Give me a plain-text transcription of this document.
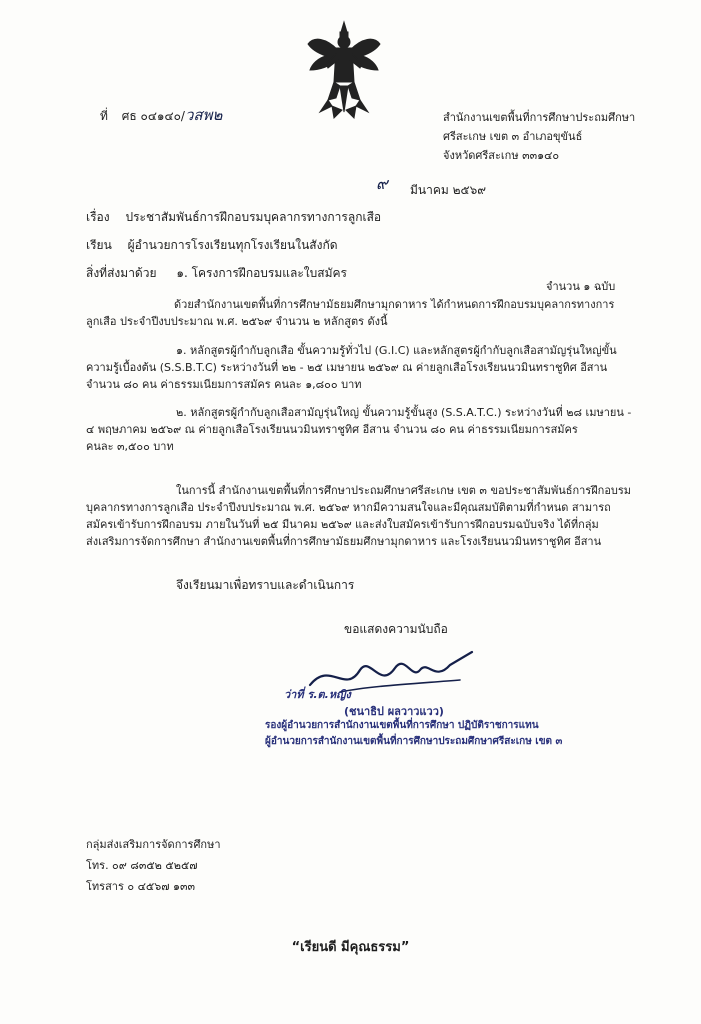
ที่ ศธ ๐๔๑๔๐/วสพ๒	สำนักงานเขตพื้นที่การศึกษาประถมศึกษา
ศรีสะเกษ เขต ๓ อำเภอขุขันธ์
จังหวัดศรีสะเกษ ๓๓๑๔๐
๙ มีนาคม ๒๕๖๙
เรื่อง ประชาสัมพันธ์การฝึกอบรมบุคลากรทางการลูกเสือ
เรียน ผู้อำนวยการโรงเรียนทุกโรงเรียนในสังกัด
สิ่งที่ส่งมาด้วย ๑. โครงการฝึกอบรมและใบสมัคร
จำนวน ๑ ฉบับ
ด้วยสำนักงานเขตพื้นที่การศึกษามัธยมศึกษามุกดาหาร ได้กำหนดการฝึกอบรมบุคลากรทางการ
ลูกเสือ ประจำปีงบประมาณ พ.ศ. ๒๕๖๙ จำนวน ๒ หลักสูตร ดังนี้
๑. หลักสูตรผู้กำกับลูกเสือ ขั้นความรู้ทั่วไป (G.I.C) และหลักสูตรผู้กำกับลูกเสือสามัญรุ่นใหญ่ขั้น
ความรู้เบื้องต้น (S.S.B.T.C) ระหว่างวันที่ ๒๒ - ๒๕ เมษายน ๒๕๖๙ ณ ค่ายลูกเสือโรงเรียนนวมินทราชูทิศ อีสาน
จำนวน ๘๐ คน ค่าธรรมเนียมการสมัคร คนละ ๑,๘๐๐ บาท
๒. หลักสูตรผู้กำกับลูกเสือสามัญรุ่นใหญ่ ขั้นความรู้ขั้นสูง (S.S.A.T.C.) ระหว่างวันที่ ๒๘ เมษายน -
๔ พฤษภาคม ๒๕๖๙ ณ ค่ายลูกเสือโรงเรียนนวมินทราชูทิศ อีสาน จำนวน ๘๐ คน ค่าธรรมเนียมการสมัคร
คนละ ๓,๕๐๐ บาท
ในการนี้ สำนักงานเขตพื้นที่การศึกษาประถมศึกษาศรีสะเกษ เขต ๓ ขอประชาสัมพันธ์การฝึกอบรม
บุคลากรทางการลูกเสือ ประจำปีงบประมาณ พ.ศ. ๒๕๖๙ หากมีความสนใจและมีคุณสมบัติตามที่กำหนด สามารถ
สมัครเข้ารับการฝึกอบรม ภายในวันที่ ๒๕ มีนาคม ๒๕๖๙ และส่งใบสมัครเข้ารับการฝึกอบรมฉบับจริง ได้ที่กลุ่ม
ส่งเสริมการจัดการศึกษา สำนักงานเขตพื้นที่การศึกษามัธยมศึกษามุกดาหาร และโรงเรียนนวมินทราชูทิศ อีสาน
จึงเรียนมาเพื่อทราบและดำเนินการ
ขอแสดงความนับถือ
ว่าที่ ร.ต.หญิง
(ชนาธิป ผลวาวแวว)
รองผู้อำนวยการสำนักงานเขตพื้นที่การศึกษา ปฏิบัติราชการแทน
ผู้อำนวยการสำนักงานเขตพื้นที่การศึกษาประถมศึกษาศรีสะเกษ เขต ๓
กลุ่มส่งเสริมการจัดการศึกษา
โทร. ๐๙ ๘๓๕๒ ๕๒๕๗
โทรสาร ๐ ๔๕๖๗ ๑๓๓
“เรียนดี มีคุณธรรม”
